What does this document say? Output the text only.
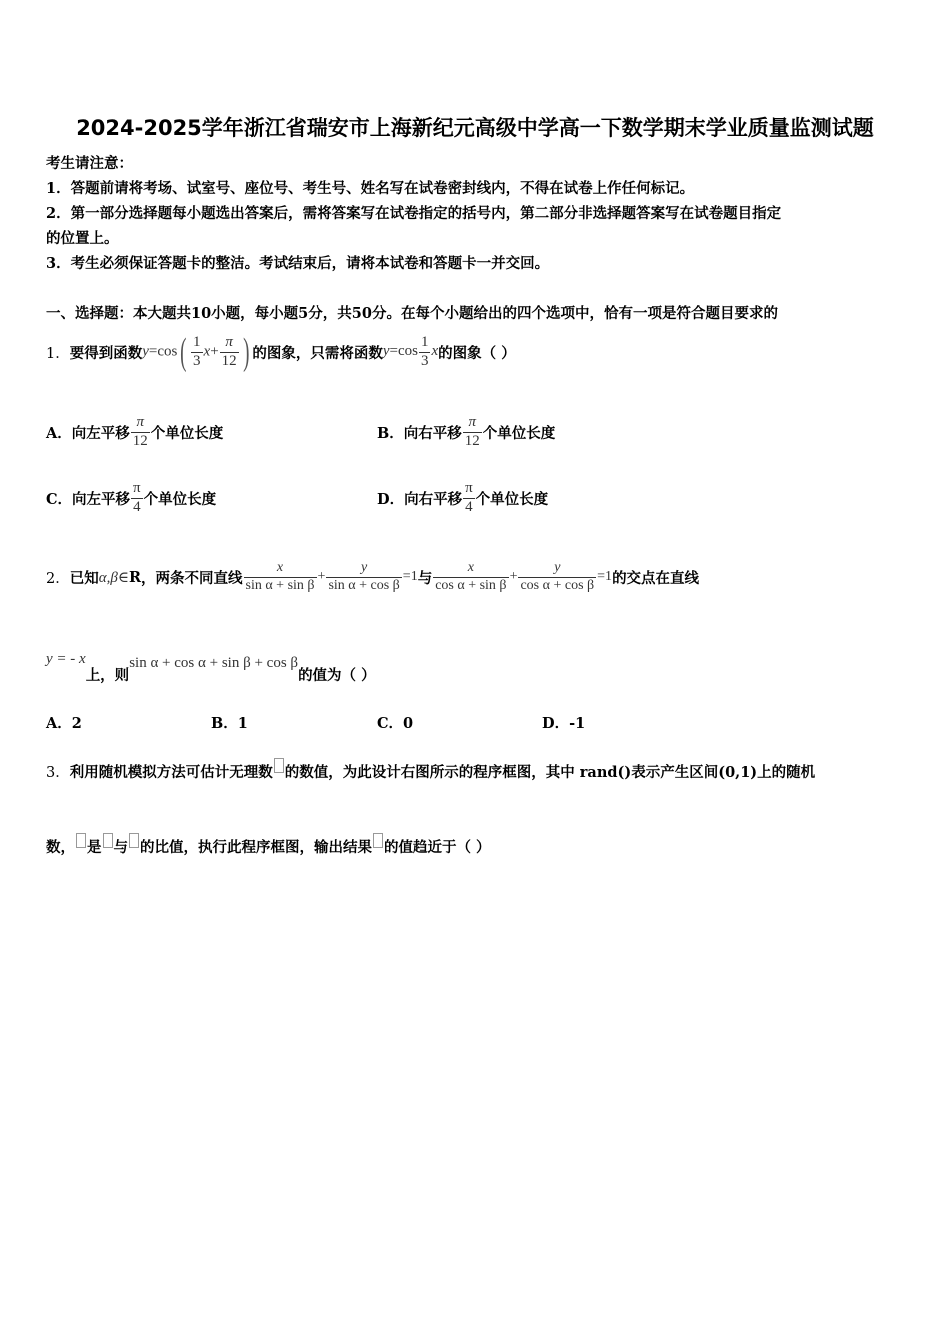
2024-2025学年浙江省瑞安市上海新纪元高级中学高一下数学期末学业质量监测试题
考生请注意：
1．答题前请将考场、试室号、座位号、考生号、姓名写在试卷密封线内，不得在试卷上作任何标记。
2．第一部分选择题每小题选出答案后，需将答案写在试卷指定的括号内，第二部分非选择题答案写在试卷题目指定
的位置上。
3．考生必须保证答题卡的整洁。考试结束后，请将本试卷和答题卡一并交回。
一、选择题：本大题共10小题，每小题5分，共50分。在每个小题给出的四个选项中，恰有一项是符合题目要求的
1． 要得到函数 $y=\cos( \frac{1}{3} x+ \frac{\pi}{12}$ ) 的图象，只需将函数 $y=\cos \frac{1}{3}$ x 的图象（ ）
A． 向左平移 $\frac{\pi}{12}$ 个单位长度	B． 向右平移 $\frac{\pi}{12}$ 个单位长度
C． 向左平移 $\frac{\pi}{4}$ 个单位长度	D． 向右平移 $\frac{\pi}{4}$ 个单位长度
2． 已知 α,β∈ R ，两条不同直线 $\frac{x}{\text{sin α + sin β}} + \frac{y}{\text{sin α + cos β}} =1$ 与 $\frac{x}{\text{cos α + sin β}} + \frac{y}{\text{cos α + cos β}} =1$ 的交点在直线
y = - x
上，则
sin α + cos α + sin β + cos β
的值为（ ）
A．2	B．1	C．0	D．-1
3．利用随机模拟方法可估计无理数 的数值，为此设计右图所示的程序框图，其中 rand()表示产生区间(0,1)上的随机
数， 是 与 的比值，执行此程序框图，输出结果 的值趋近于（ ）
